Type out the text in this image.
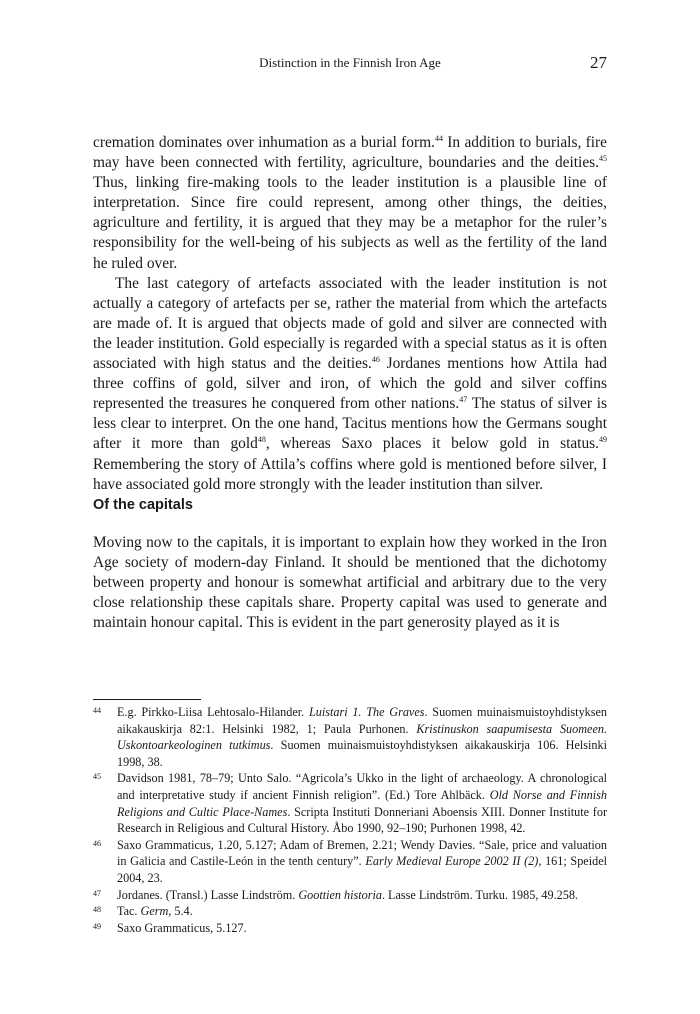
Distinction in the Finnish Iron Age	27

cremation dominates over inhumation as a burial form.$^{44}$ In addition to burials, fire may have been connected with fertility, agriculture, boundaries and the deities.$^{45}$ Thus, linking fire-making tools to the leader institution is a plausible line of interpretation. Since fire could represent, among other things, the deities, agriculture and fertility, it is argued that they may be a metaphor for the ruler’s responsibility for the well-being of his subjects as well as the fertility of the land he ruled over.

The last category of artefacts associated with the leader institution is not actually a category of artefacts per se, rather the material from which the artefacts are made of. It is argued that objects made of gold and silver are connected with the leader institution. Gold especially is regarded with a special status as it is often associated with high status and the deities.$^{46}$ Jordanes mentions how Attila had three coffins of gold, silver and iron, of which the gold and silver coffins represented the treasures he conquered from other nations.$^{47}$ The status of silver is less clear to interpret. On the one hand, Tacitus mentions how the Germans sought after it more than gold$^{48}$, whereas Saxo places it below gold in status.$^{49}$ Remembering the story of Attila’s coffins where gold is mentioned before silver, I have associated gold more strongly with the leader institution than silver.

Of the capitals

Moving now to the capitals, it is important to explain how they worked in the Iron Age society of modern-day Finland. It should be mentioned that the dichotomy between property and honour is somewhat artificial and arbitrary due to the very close relationship these capitals share. Property capital was used to generate and maintain honour capital. This is evident in the part generosity played as it is

44 E.g. Pirkko-Liisa Lehtosalo-Hilander. Luistari 1. The Graves. Suomen muinaismuistoyhdistyksen aikakauskirja 82:1. Helsinki 1982, 1; Paula Purhonen. Kristinuskon saapumisesta Suomeen. Uskontoarkeologinen tutkimus. Suomen muinaismuistoyhdistyksen aikakauskirja 106. Helsinki 1998, 38.
45 Davidson 1981, 78–79; Unto Salo. “Agricola’s Ukko in the light of archaeology. A chronological and interpretative study if ancient Finnish religion”. (Ed.) Tore Ahlbäck. Old Norse and Finnish Religions and Cultic Place-Names. Scripta Instituti Donneriani Aboensis XIII. Donner Institute for Research in Religious and Cultural History. Åbo 1990, 92–190; Purhonen 1998, 42.
46 Saxo Grammaticus, 1.20, 5.127; Adam of Bremen, 2.21; Wendy Davies. “Sale, price and valuation in Galicia and Castile-León in the tenth century”. Early Medieval Europe 2002 II (2), 161; Speidel 2004, 23.
47 Jordanes. (Transl.) Lasse Lindström. Goottien historia. Lasse Lindström. Turku. 1985, 49.258.
48 Tac. Germ, 5.4.
49 Saxo Grammaticus, 5.127.
